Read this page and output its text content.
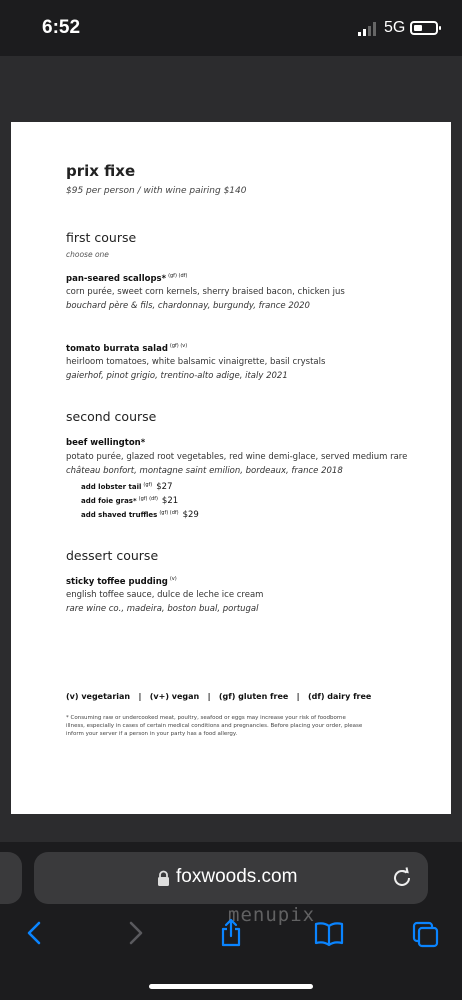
6:52	5G
prix fixe
$95 per person / with wine pairing $140
first course
choose one
pan-seared scallops* $^{(gf) (df)}$
corn purée, sweet corn kernels, sherry braised bacon, chicken jus
bouchard père & fils, chardonnay, burgundy, france 2020
tomato burrata salad $^{(gf) (v)}$
heirloom tomatoes, white balsamic vinaigrette, basil crystals
gaierhof, pinot grigio, trentino-alto adige, italy 2021
second course
beef wellington*
potato purée, glazed root vegetables, red wine demi-glace, served medium rare
château bonfort, montagne saint emilion, bordeaux, france 2018
add lobster tail $^{(gf)}$ $27
add foie gras* $^{(gf) (df)}$ $21
add shaved truffles $^{(gf) (df)}$ $29
dessert course
sticky toffee pudding $^{(v)}$
english toffee sauce, dulce de leche ice cream
rare wine co., madeira, boston bual, portugal
(v) vegetarian   |   (v+) vegan   |   (gf) gluten free   |   (df) dairy free
* Consuming raw or undercooked meat, poultry, seafood or eggs may increase your risk of foodborne illness, especially in cases of certain medical conditions and pregnancies. Before placing your order, please inform your server if a person in your party has a food allergy.
foxwoods.com
menupix
